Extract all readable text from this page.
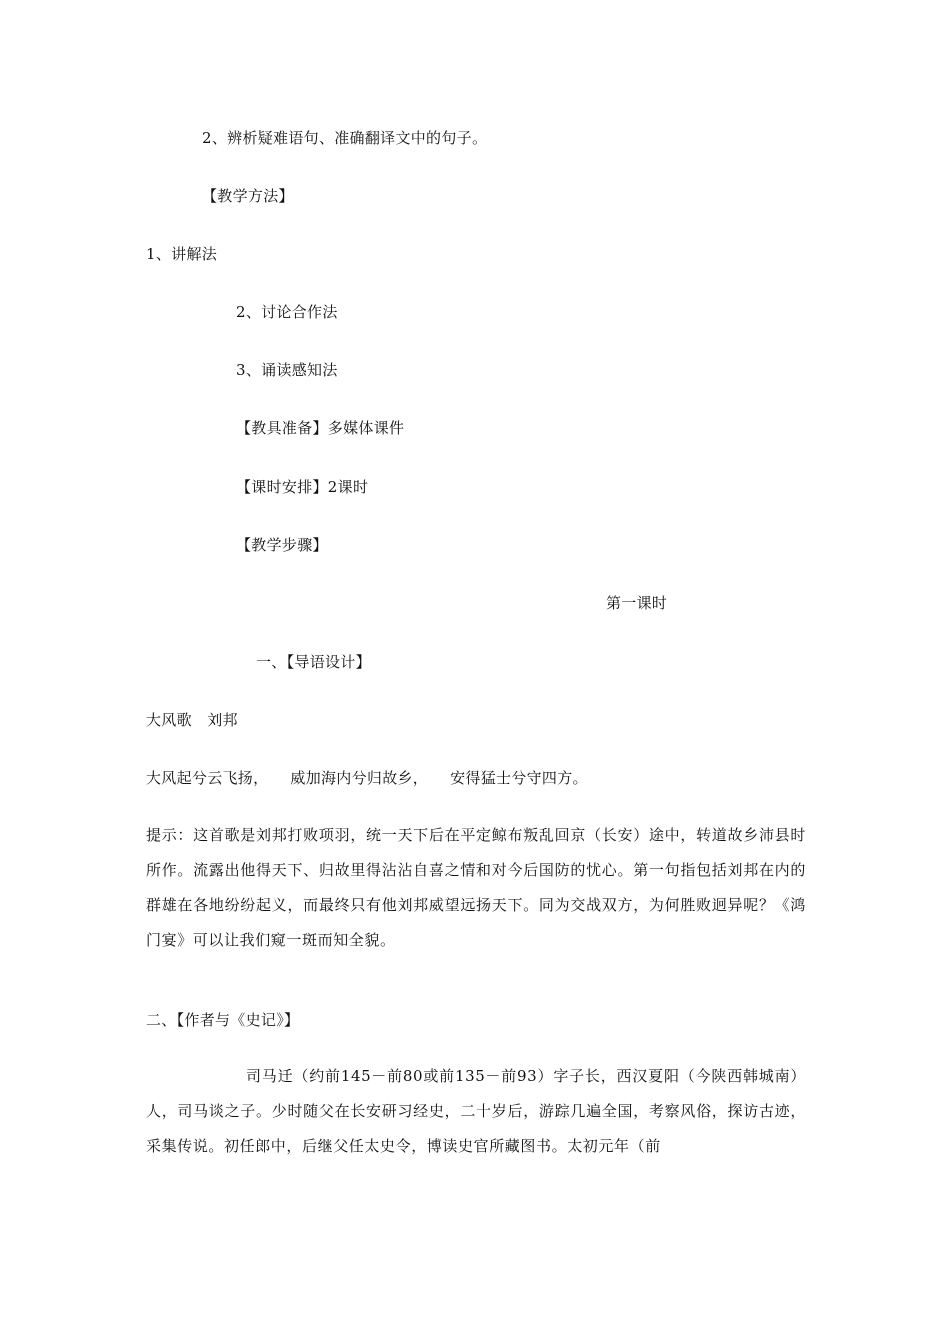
2、辨析疑难语句、准确翻译文中的句子。
【教学方法】
1、讲解法
2、讨论合作法
3、诵读感知法
【教具准备】多媒体课件
【课时安排】2课时
【教学步骤】
第一课时
一、【导语设计】
大风歌　刘邦
大风起兮云飞扬， 威加海内兮归故乡， 安得猛士兮守四方。
提示：这首歌是刘邦打败项羽，统一天下后在平定鲸布叛乱回京（长安）途中，转道故乡沛县时所作。流露出他得天下、归故里得沾沾自喜之情和对今后国防的忧心。第一句指包括刘邦在内的群雄在各地纷纷起义，而最终只有他刘邦威望远扬天下。同为交战双方，为何胜败迥异呢？《鸿门宴》可以让我们窥一斑而知全貌。
二、【作者与《史记》】
司马迁（约前145－前80或前135－前93）字子长，西汉夏阳（今陕西韩城南）人，司马谈之子。少时随父在长安研习经史，二十岁后，游踪几遍全国，考察风俗，探访古迹，采集传说。初任郎中，后继父任太史令，博读史官所藏图书。太初元年（前
